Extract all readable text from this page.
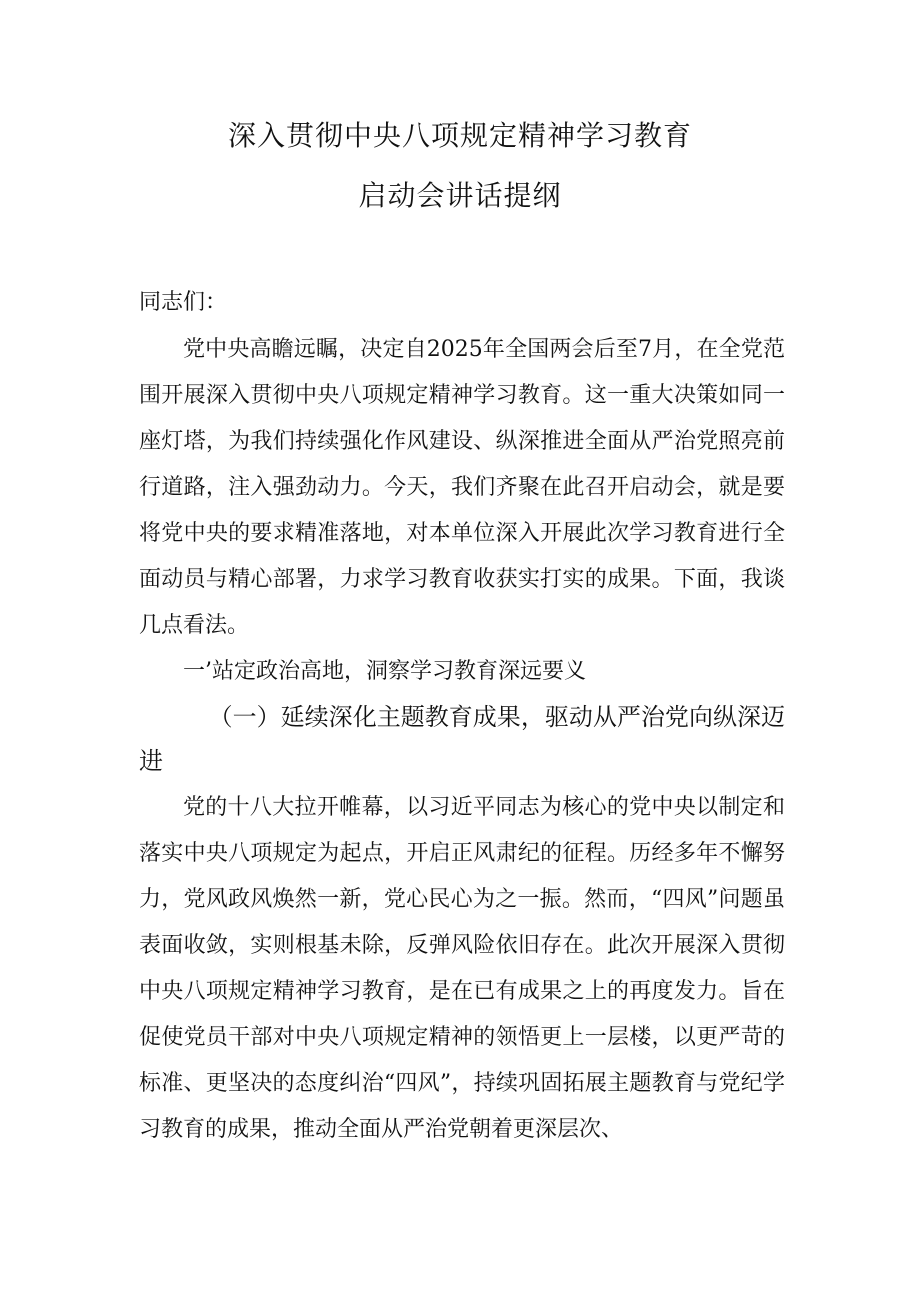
深入贯彻中央八项规定精神学习教育
启动会讲话提纲
同志们：

党中央高瞻远瞩，决定自2025年全国两会后至7月，在全党范围开展深入贯彻中央八项规定精神学习教育。这一重大决策如同一座灯塔，为我们持续强化作风建设、纵深推进全面从严治党照亮前行道路，注入强劲动力。今天，我们齐聚在此召开启动会，就是要将党中央的要求精准落地，对本单位深入开展此次学习教育进行全面动员与精心部署，力求学习教育收获实打实的成果。下面，我谈几点看法。

一’站定政治高地，洞察学习教育深远要义

（一）延续深化主题教育成果，驱动从严治党向纵深迈进

党的十八大拉开帷幕，以习近平同志为核心的党中央以制定和落实中央八项规定为起点，开启正风肃纪的征程。历经多年不懈努力，党风政风焕然一新，党心民心为之一振。然而，“四风”问题虽表面收敛，实则根基未除，反弹风险依旧存在。此次开展深入贯彻中央八项规定精神学习教育，是在已有成果之上的再度发力。旨在促使党员干部对中央八项规定精神的领悟更上一层楼，以更严苛的标准、更坚决的态度纠治“四风”，持续巩固拓展主题教育与党纪学习教育的成果，推动全面从严治党朝着更深层次、
